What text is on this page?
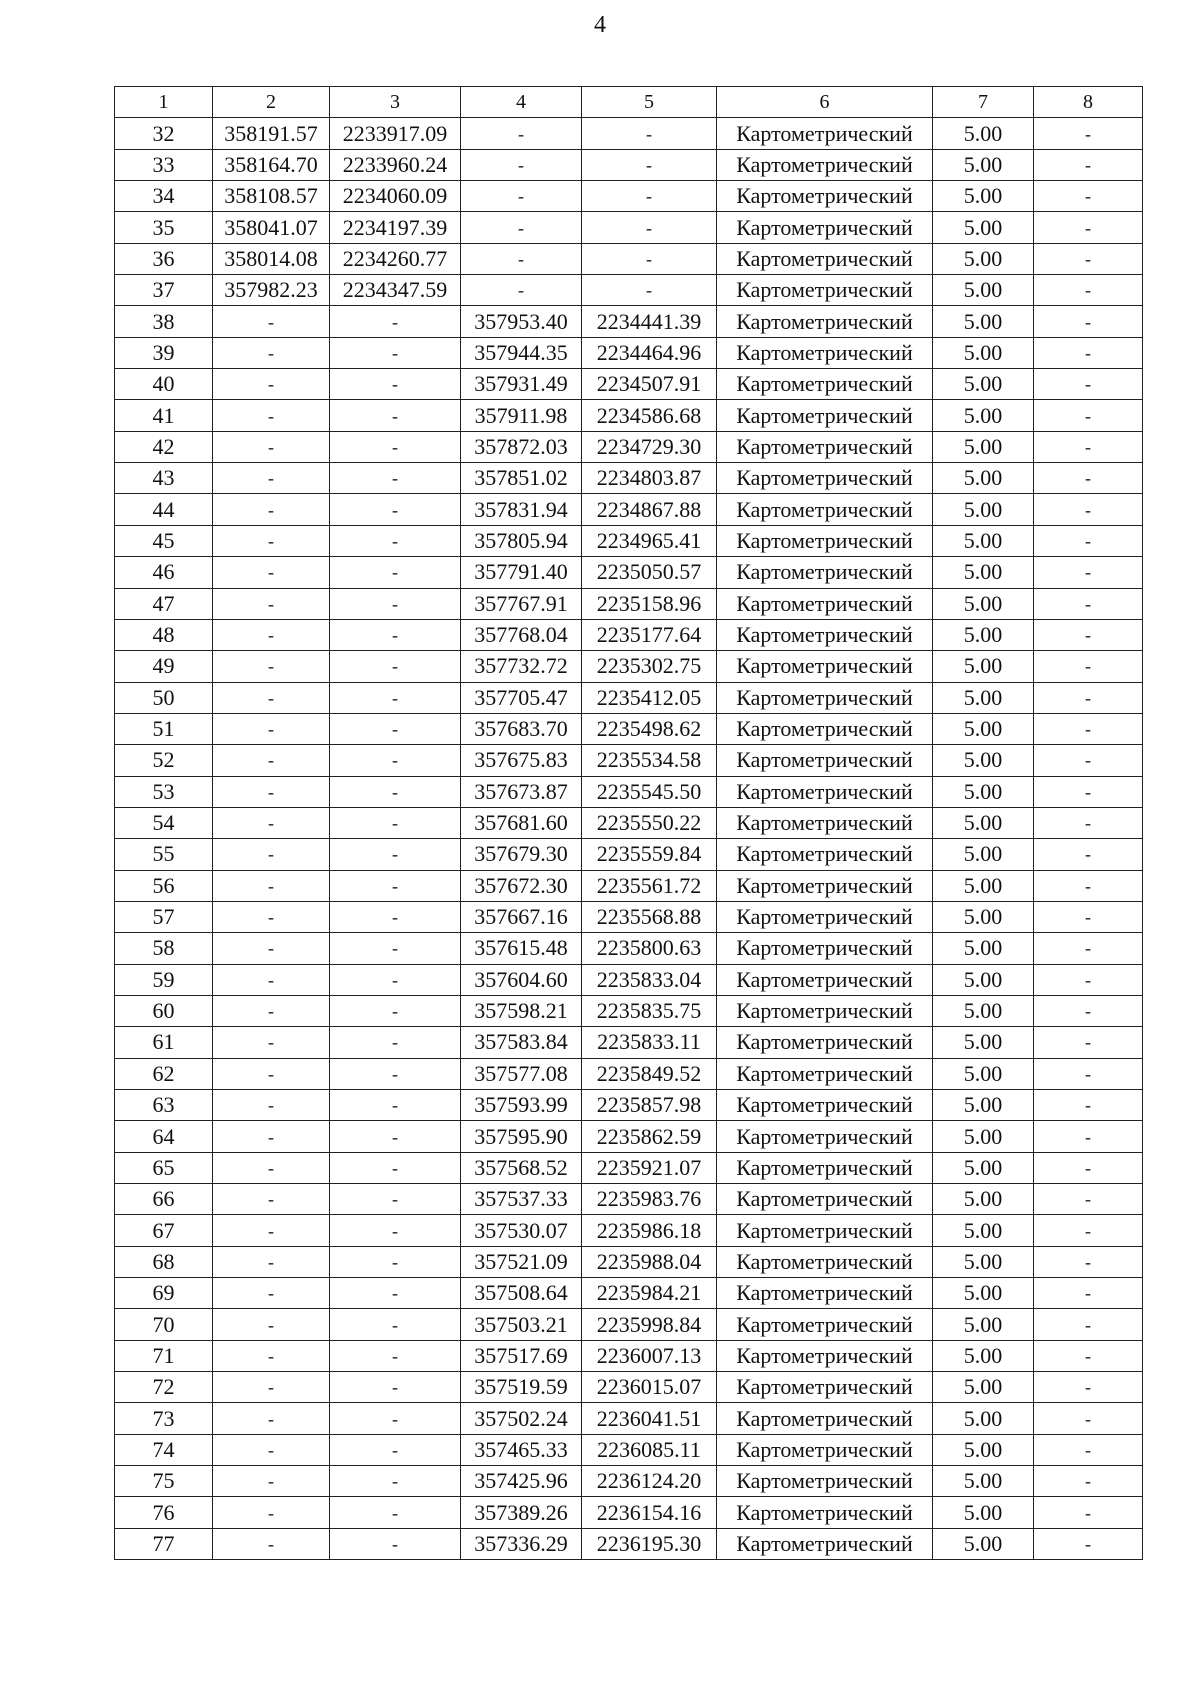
4
1	2	3	4	5	6	7	8
32	358191.57	2233917.09	-	-	Картометрический	5.00	-
33	358164.70	2233960.24	-	-	Картометрический	5.00	-
34	358108.57	2234060.09	-	-	Картометрический	5.00	-
35	358041.07	2234197.39	-	-	Картометрический	5.00	-
36	358014.08	2234260.77	-	-	Картометрический	5.00	-
37	357982.23	2234347.59	-	-	Картометрический	5.00	-
38	-	-	357953.40	2234441.39	Картометрический	5.00	-
39	-	-	357944.35	2234464.96	Картометрический	5.00	-
40	-	-	357931.49	2234507.91	Картометрический	5.00	-
41	-	-	357911.98	2234586.68	Картометрический	5.00	-
42	-	-	357872.03	2234729.30	Картометрический	5.00	-
43	-	-	357851.02	2234803.87	Картометрический	5.00	-
44	-	-	357831.94	2234867.88	Картометрический	5.00	-
45	-	-	357805.94	2234965.41	Картометрический	5.00	-
46	-	-	357791.40	2235050.57	Картометрический	5.00	-
47	-	-	357767.91	2235158.96	Картометрический	5.00	-
48	-	-	357768.04	2235177.64	Картометрический	5.00	-
49	-	-	357732.72	2235302.75	Картометрический	5.00	-
50	-	-	357705.47	2235412.05	Картометрический	5.00	-
51	-	-	357683.70	2235498.62	Картометрический	5.00	-
52	-	-	357675.83	2235534.58	Картометрический	5.00	-
53	-	-	357673.87	2235545.50	Картометрический	5.00	-
54	-	-	357681.60	2235550.22	Картометрический	5.00	-
55	-	-	357679.30	2235559.84	Картометрический	5.00	-
56	-	-	357672.30	2235561.72	Картометрический	5.00	-
57	-	-	357667.16	2235568.88	Картометрический	5.00	-
58	-	-	357615.48	2235800.63	Картометрический	5.00	-
59	-	-	357604.60	2235833.04	Картометрический	5.00	-
60	-	-	357598.21	2235835.75	Картометрический	5.00	-
61	-	-	357583.84	2235833.11	Картометрический	5.00	-
62	-	-	357577.08	2235849.52	Картометрический	5.00	-
63	-	-	357593.99	2235857.98	Картометрический	5.00	-
64	-	-	357595.90	2235862.59	Картометрический	5.00	-
65	-	-	357568.52	2235921.07	Картометрический	5.00	-
66	-	-	357537.33	2235983.76	Картометрический	5.00	-
67	-	-	357530.07	2235986.18	Картометрический	5.00	-
68	-	-	357521.09	2235988.04	Картометрический	5.00	-
69	-	-	357508.64	2235984.21	Картометрический	5.00	-
70	-	-	357503.21	2235998.84	Картометрический	5.00	-
71	-	-	357517.69	2236007.13	Картометрический	5.00	-
72	-	-	357519.59	2236015.07	Картометрический	5.00	-
73	-	-	357502.24	2236041.51	Картометрический	5.00	-
74	-	-	357465.33	2236085.11	Картометрический	5.00	-
75	-	-	357425.96	2236124.20	Картометрический	5.00	-
76	-	-	357389.26	2236154.16	Картометрический	5.00	-
77	-	-	357336.29	2236195.30	Картометрический	5.00	-
